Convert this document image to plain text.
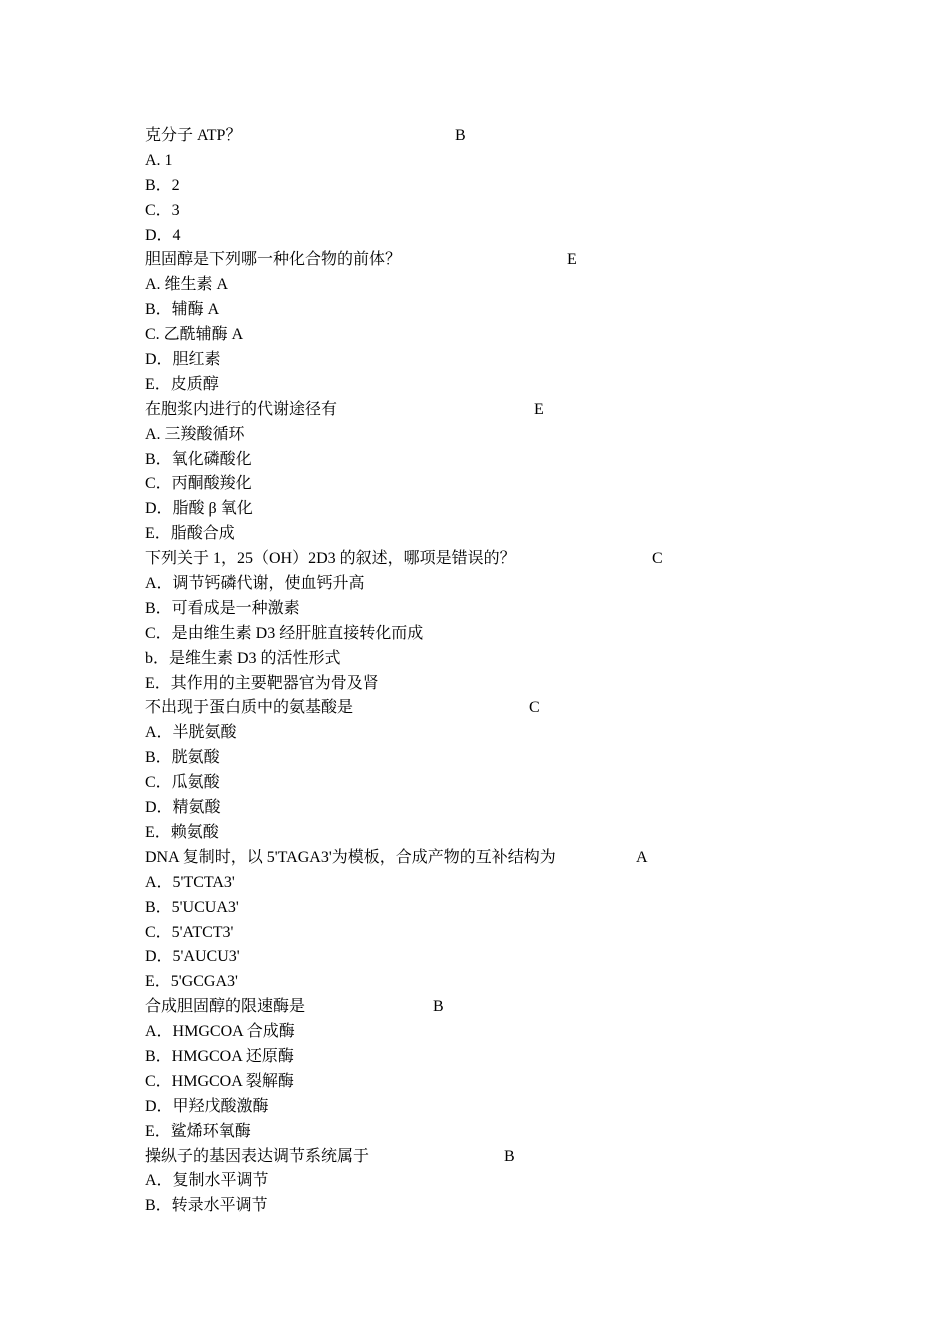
克分子 ATP？	B
A. 1
B．2
C．3
D．4
胆固醇是下列哪一种化合物的前体？	E
A. 维生素 A
B．辅酶 A
C. 乙酰辅酶 A
D．胆红素
E．皮质醇
在胞浆内进行的代谢途径有	E
A. 三羧酸循环
B．氧化磷酸化
C．丙酮酸羧化
D．脂酸 β 氧化
E．脂酸合成
下列关于 1，25（OH）2D3 的叙述，哪项是错误的？	C
A．调节钙磷代谢，使血钙升高
B．可看成是一种激素
C．是由维生素 D3 经肝脏直接转化而成
b．是维生素 D3 的活性形式
E．其作用的主要靶器官为骨及肾
不出现于蛋白质中的氨基酸是	C
A．半胱氨酸
B．胱氨酸
C．瓜氨酸
D．精氨酸
E．赖氨酸
DNA 复制时，以 5'TAGA3'为模板，合成产物的互补结构为	A
A．5'TCTA3'
B．5'UCUA3'
C．5'ATCT3'
D．5'AUCU3'
E．5'GCGA3'
合成胆固醇的限速酶是	B
A．HMGCOA 合成酶
B．HMGCOA 还原酶
C．HMGCOA 裂解酶
D．甲羟戊酸激酶
E．鲨烯环氧酶
操纵子的基因表达调节系统属于	B
A．复制水平调节
B．转录水平调节
